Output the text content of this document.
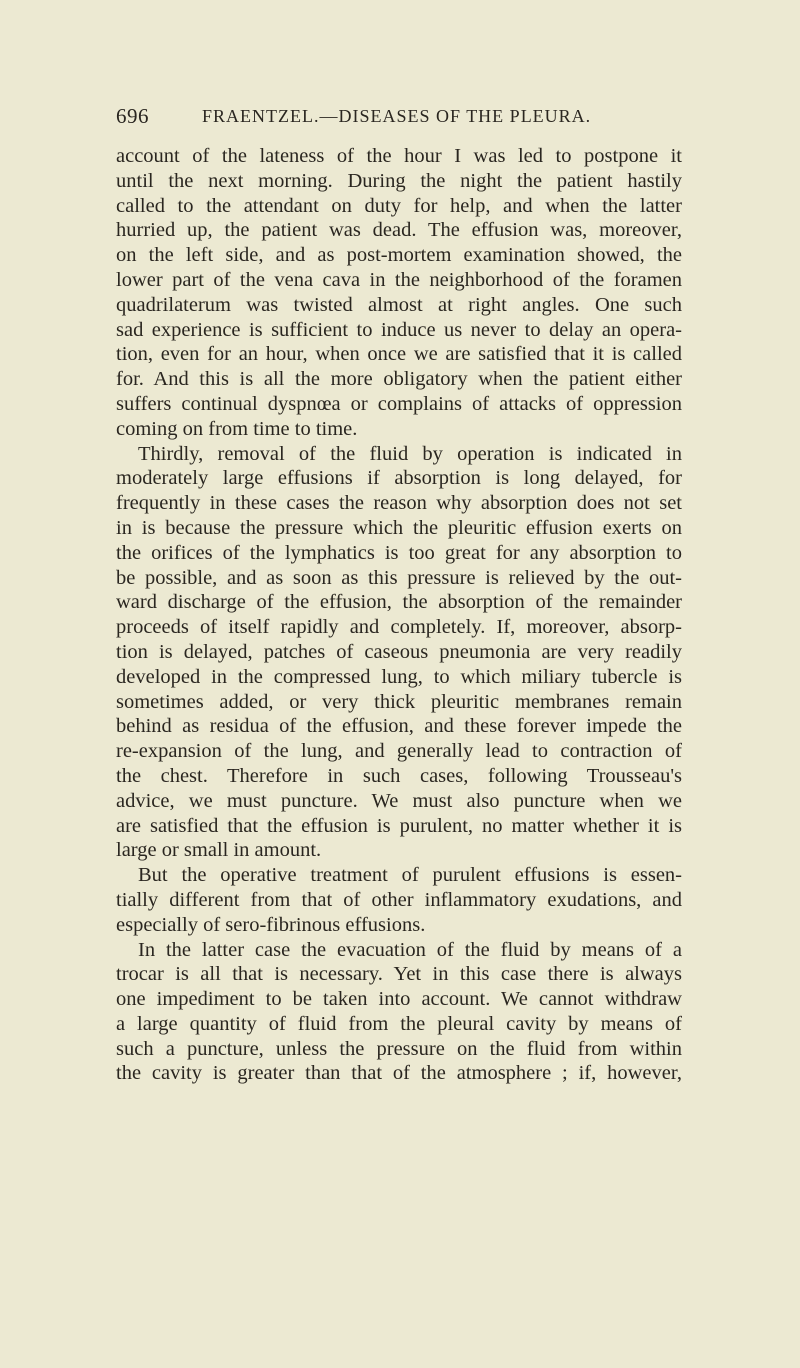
696	FRAENTZEL.—DISEASES OF THE PLEURA.
account of the lateness of the hour I was led to postpone it
until the next morning. During the night the patient hastily
called to the attendant on duty for help, and when the latter
hurried up, the patient was dead. The effusion was, moreover,
on the left side, and as post-mortem examination showed, the
lower part of the vena cava in the neighborhood of the foramen
quadrilaterum was twisted almost at right angles. One such
sad experience is sufficient to induce us never to delay an opera-
tion, even for an hour, when once we are satisfied that it is called
for. And this is all the more obligatory when the patient either
suffers continual dyspnœa or complains of attacks of oppression
coming on from time to time.
Thirdly, removal of the fluid by operation is indicated in
moderately large effusions if absorption is long delayed, for
frequently in these cases the reason why absorption does not set
in is because the pressure which the pleuritic effusion exerts on
the orifices of the lymphatics is too great for any absorption to
be possible, and as soon as this pressure is relieved by the out-
ward discharge of the effusion, the absorption of the remainder
proceeds of itself rapidly and completely. If, moreover, absorp-
tion is delayed, patches of caseous pneumonia are very readily
developed in the compressed lung, to which miliary tubercle is
sometimes added, or very thick pleuritic membranes remain
behind as residua of the effusion, and these forever impede the
re-expansion of the lung, and generally lead to contraction of
the chest. Therefore in such cases, following Trousseau's
advice, we must puncture. We must also puncture when we
are satisfied that the effusion is purulent, no matter whether it is
large or small in amount.
But the operative treatment of purulent effusions is essen-
tially different from that of other inflammatory exudations, and
especially of sero-fibrinous effusions.
In the latter case the evacuation of the fluid by means of a
trocar is all that is necessary. Yet in this case there is always
one impediment to be taken into account. We cannot withdraw
a large quantity of fluid from the pleural cavity by means of
such a puncture, unless the pressure on the fluid from within
the cavity is greater than that of the atmosphere ; if, however,
